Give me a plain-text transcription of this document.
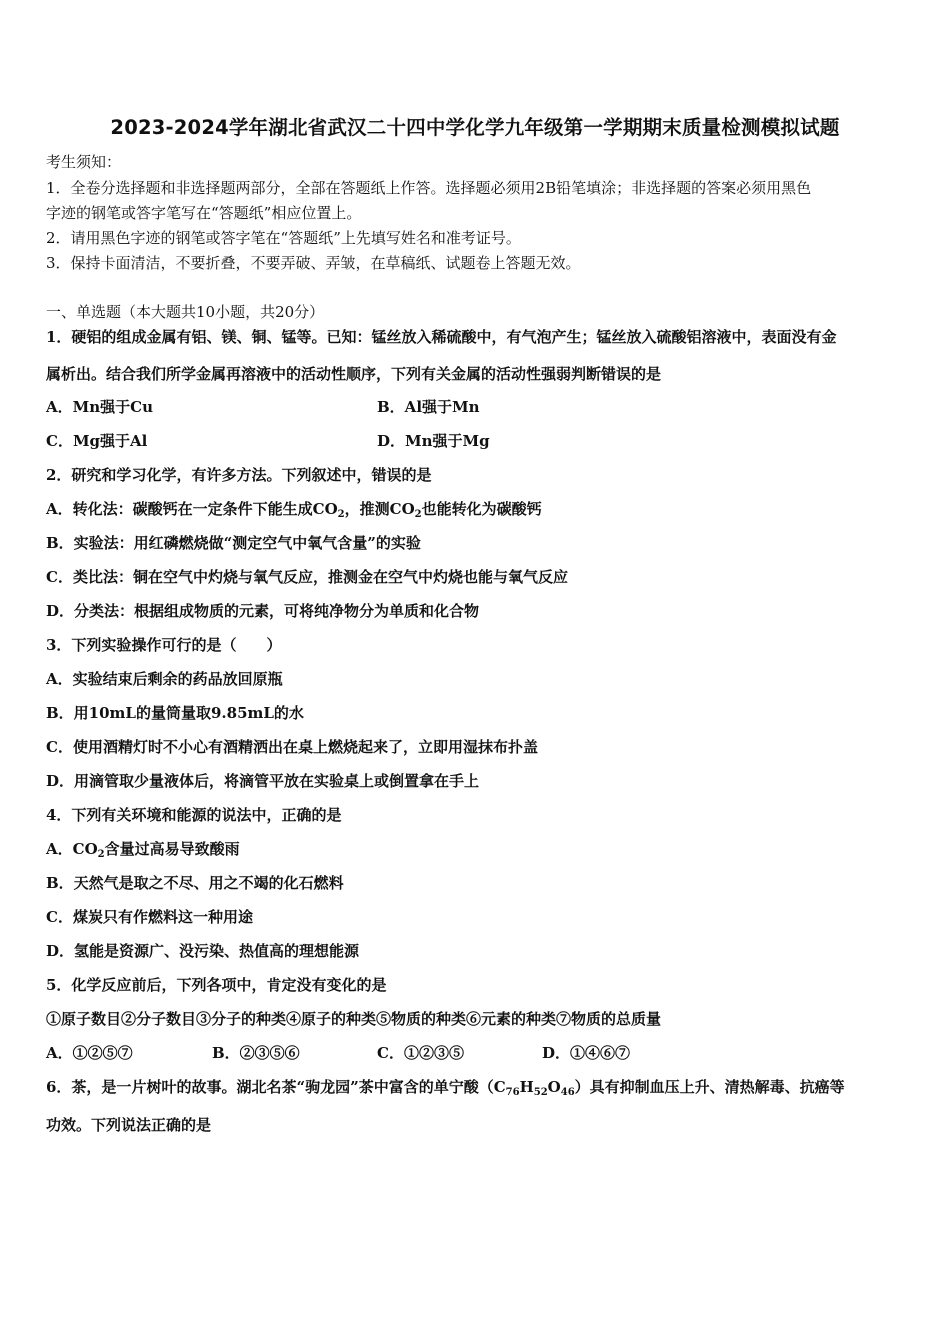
2023-2024学年湖北省武汉二十四中学化学九年级第一学期期末质量检测模拟试题
考生须知：
1．全卷分选择题和非选择题两部分，全部在答题纸上作答。选择题必须用2B铅笔填涂；非选择题的答案必须用黑色
字迹的钢笔或答字笔写在“答题纸”相应位置上。
2．请用黑色字迹的钢笔或答字笔在“答题纸”上先填写姓名和准考证号。
3．保持卡面清洁，不要折叠，不要弄破、弄皱，在草稿纸、试题卷上答题无效。
一、单选题（本大题共10小题，共20分）
1．硬铝的组成金属有铝、镁、铜、锰等。已知：锰丝放入稀硫酸中，有气泡产生；锰丝放入硫酸铝溶液中，表面没有金
属析出。结合我们所学金属再溶液中的活动性顺序，下列有关金属的活动性强弱判断错误的是
A．Mn强于Cu	B．Al强于Mn
C．Mg强于Al	D．Mn强于Mg
2．研究和学习化学，有许多方法。下列叙述中，错误的是
A．转化法：碳酸钙在一定条件下能生成$CO_2$，推测$CO_2$也能转化为碳酸钙
B．实验法：用红磷燃烧做“测定空气中氧气含量”的实验
C．类比法：铜在空气中灼烧与氧气反应，推测金在空气中灼烧也能与氧气反应
D．分类法：根据组成物质的元素，可将纯净物分为单质和化合物
3．下列实验操作可行的是（　　）
A．实验结束后剩余的药品放回原瓶
B．用10mL的量筒量取9.85mL的水
C．使用酒精灯时不小心有酒精洒出在桌上燃烧起来了，立即用湿抹布扑盖
D．用滴管取少量液体后，将滴管平放在实验桌上或倒置拿在手上
4．下列有关环境和能源的说法中，正确的是
A．$CO_2$含量过高易导致酸雨
B．天然气是取之不尽、用之不竭的化石燃料
C．煤炭只有作燃料这一种用途
D．氢能是资源广、没污染、热值高的理想能源
5．化学反应前后，下列各项中，肯定没有变化的是
①原子数目②分子数目③分子的种类④原子的种类⑤物质的种类⑥元素的种类⑦物质的总质量
A．①②⑤⑦	B．②③⑤⑥	C．①②③⑤	D．①④⑥⑦
6．茶，是一片树叶的故事。湖北名茶“驹龙园”茶中富含的单宁酸$(C_{76}H_{52}O_{46})$具有抑制血压上升、清热解毒、抗癌等
功效。下列说法正确的是
